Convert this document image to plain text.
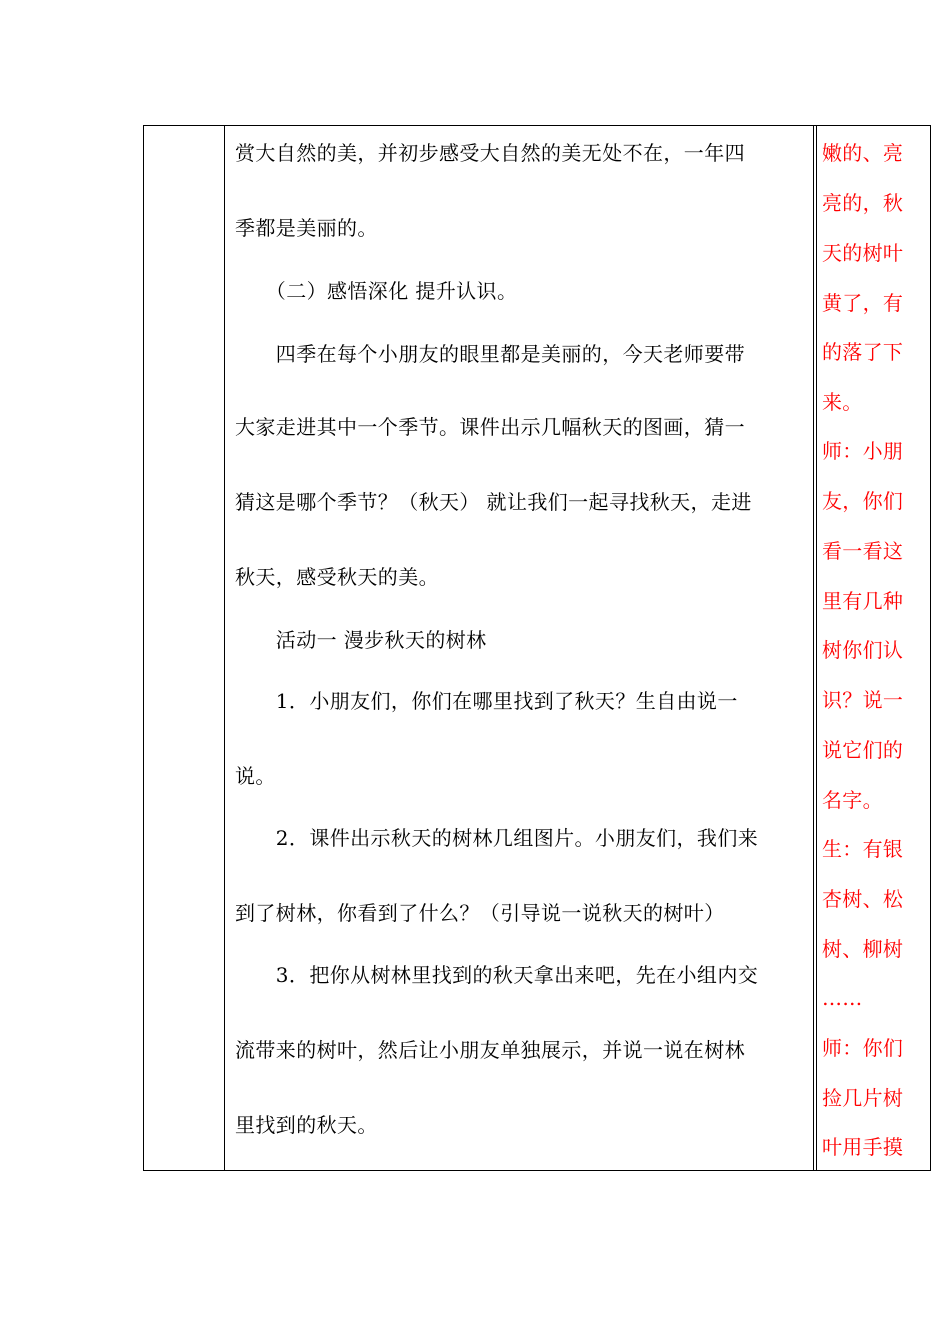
赏大自然的美，并初步感受大自然的美无处不在，一年四

季都是美丽的。

　　（二）感悟深化 提升认识。

　　四季在每个小朋友的眼里都是美丽的，今天老师要带

大家走进其中一个季节。课件出示几幅秋天的图画，猜一

猜这是哪个季节？（秋天） 就让我们一起寻找秋天，走进

秋天，感受秋天的美。

　　活动一 漫步秋天的树林

　　1．小朋友们，你们在哪里找到了秋天？生自由说一

说。

　　2．课件出示秋天的树林几组图片。小朋友们，我们来

到了树林，你看到了什么？（引导说一说秋天的树叶）

　　3．把你从树林里找到的秋天拿出来吧，先在小组内交

流带来的树叶，然后让小朋友单独展示，并说一说在树林

里找到的秋天。

嫩的、亮

亮的，秋

天的树叶

黄了，有

的落了下

来。

师：小朋

友，你们

看一看这

里有几种

树你们认

识？说一

说它们的

名字。

生：有银

杏树、松

树、柳树

……

师：你们

捡几片树

叶用手摸
